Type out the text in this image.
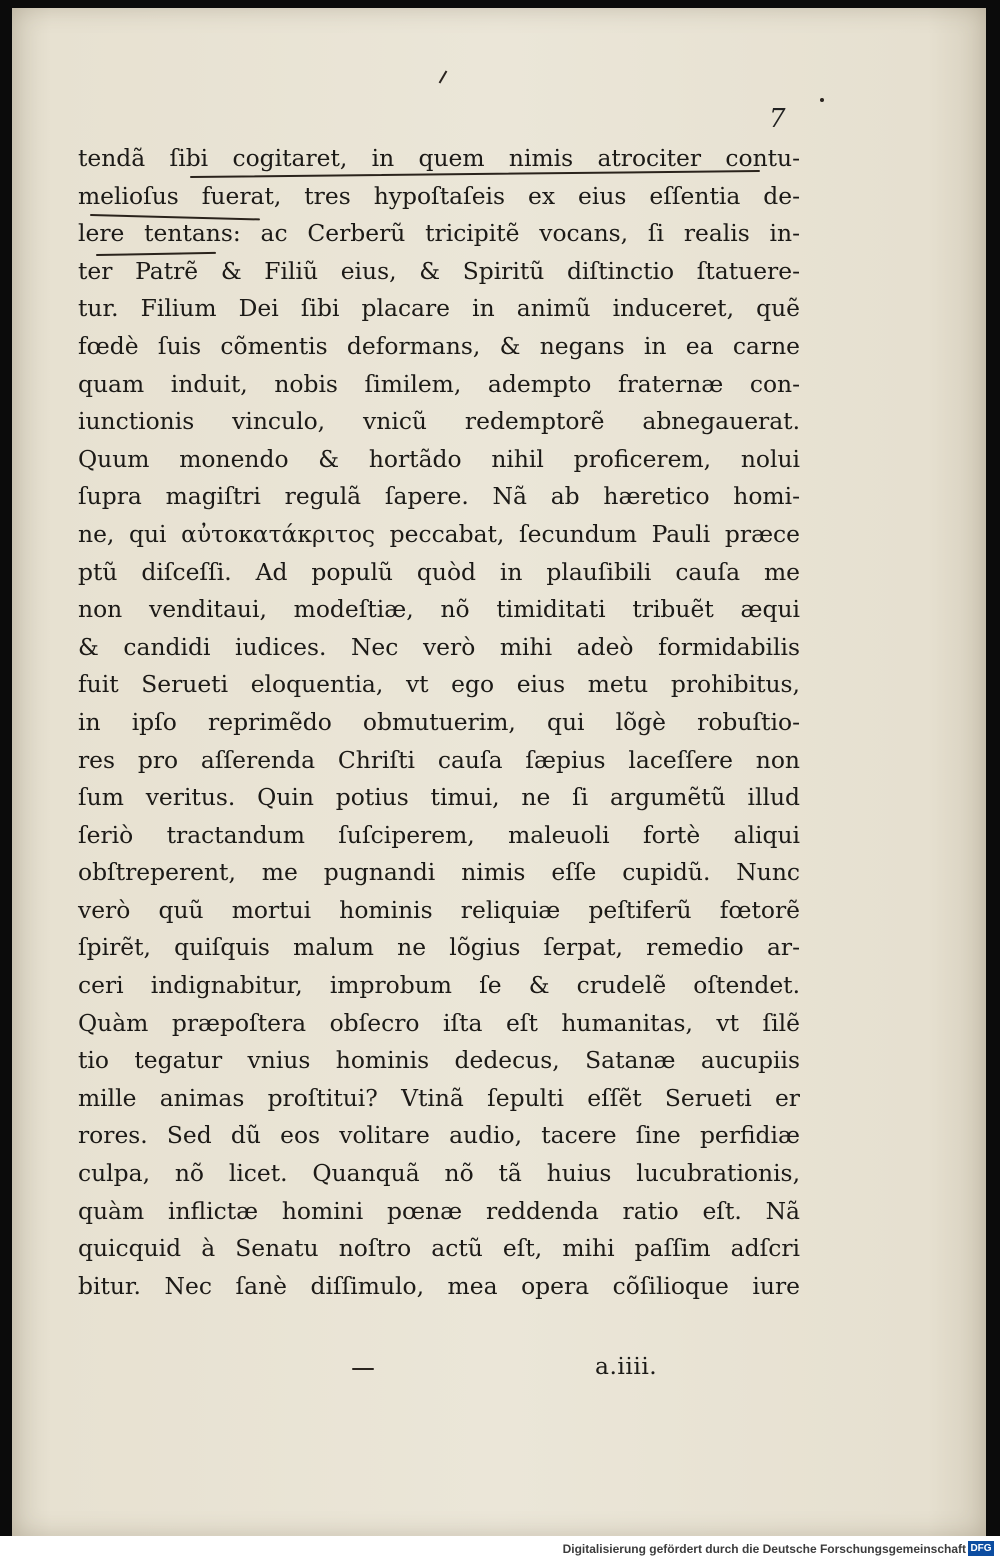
7
tendã ſibi cogitaret, in quem nimis atrociter contu-
melioſus fuerat, tres hypoſtaſeis ex eius eſſentia de-
lere tentans: ac Cerberũ tricipitẽ vocans, ſi realis in-
ter Patrẽ & Filiũ eius, & Spiritũ diſtinctio ſtatuere-
tur. Filium Dei ſibi placare in animũ induceret, quẽ
fœdè ſuis cõmentis deformans, & negans in ea carne
quam induit, nobis ſimilem, adempto fraternæ con-
iunctionis vinculo, vnicũ redemptorẽ abnegauerat.
Quum monendo & hortãdo nihil proficerem, nolui
ſupra magiſtri regulã ſapere. Nã ab hæretico homi-
ne, qui αὐτοκατάκριτος peccabat, ſecundum Pauli præce
ptũ diſceſſi. Ad populũ quòd in plauſibili cauſa me
non venditaui, modeſtiæ, nõ timiditati tribuẽt æqui
& candidi iudices. Nec verò mihi adeò formidabilis
fuit Serueti eloquentia, vt ego eius metu prohibitus,
in ipſo reprimẽdo obmutuerim, qui lõgè robuſtio-
res pro aſſerenda Chriſti cauſa ſæpius laceſſere non
ſum veritus. Quin potius timui, ne ſi argumẽtũ illud
ſeriò tractandum ſuſciperem, maleuoli fortè aliqui
obſtreperent, me pugnandi nimis eſſe cupidũ. Nunc
verò quũ mortui hominis reliquiæ peſtiferũ fœtorẽ
ſpirẽt, quiſquis malum ne lõgius ſerpat, remedio ar-
ceri indignabitur, improbum ſe & crudelẽ oſtendet.
Quàm præpoſtera obſecro iſta eſt humanitas, vt ſilẽ
tio tegatur vnius hominis dedecus, Satanæ aucupiis
mille animas proſtitui? Vtinã ſepulti eſſẽt Serueti er
rores. Sed dũ eos volitare audio, tacere ſine perfidiæ
culpa, nõ licet. Quanquã nõ tã huius lucubrationis,
quàm inflictæ homini pœnæ reddenda ratio eſt. Nã
quicquid à Senatu noſtro actũ eſt, mihi paſſim adſcri
bitur. Nec ſanè diſſimulo, mea opera cõſilioque iure
a.iiii.
Digitalisierung gefördert durch die Deutsche Forschungsgemeinschaft DFG
